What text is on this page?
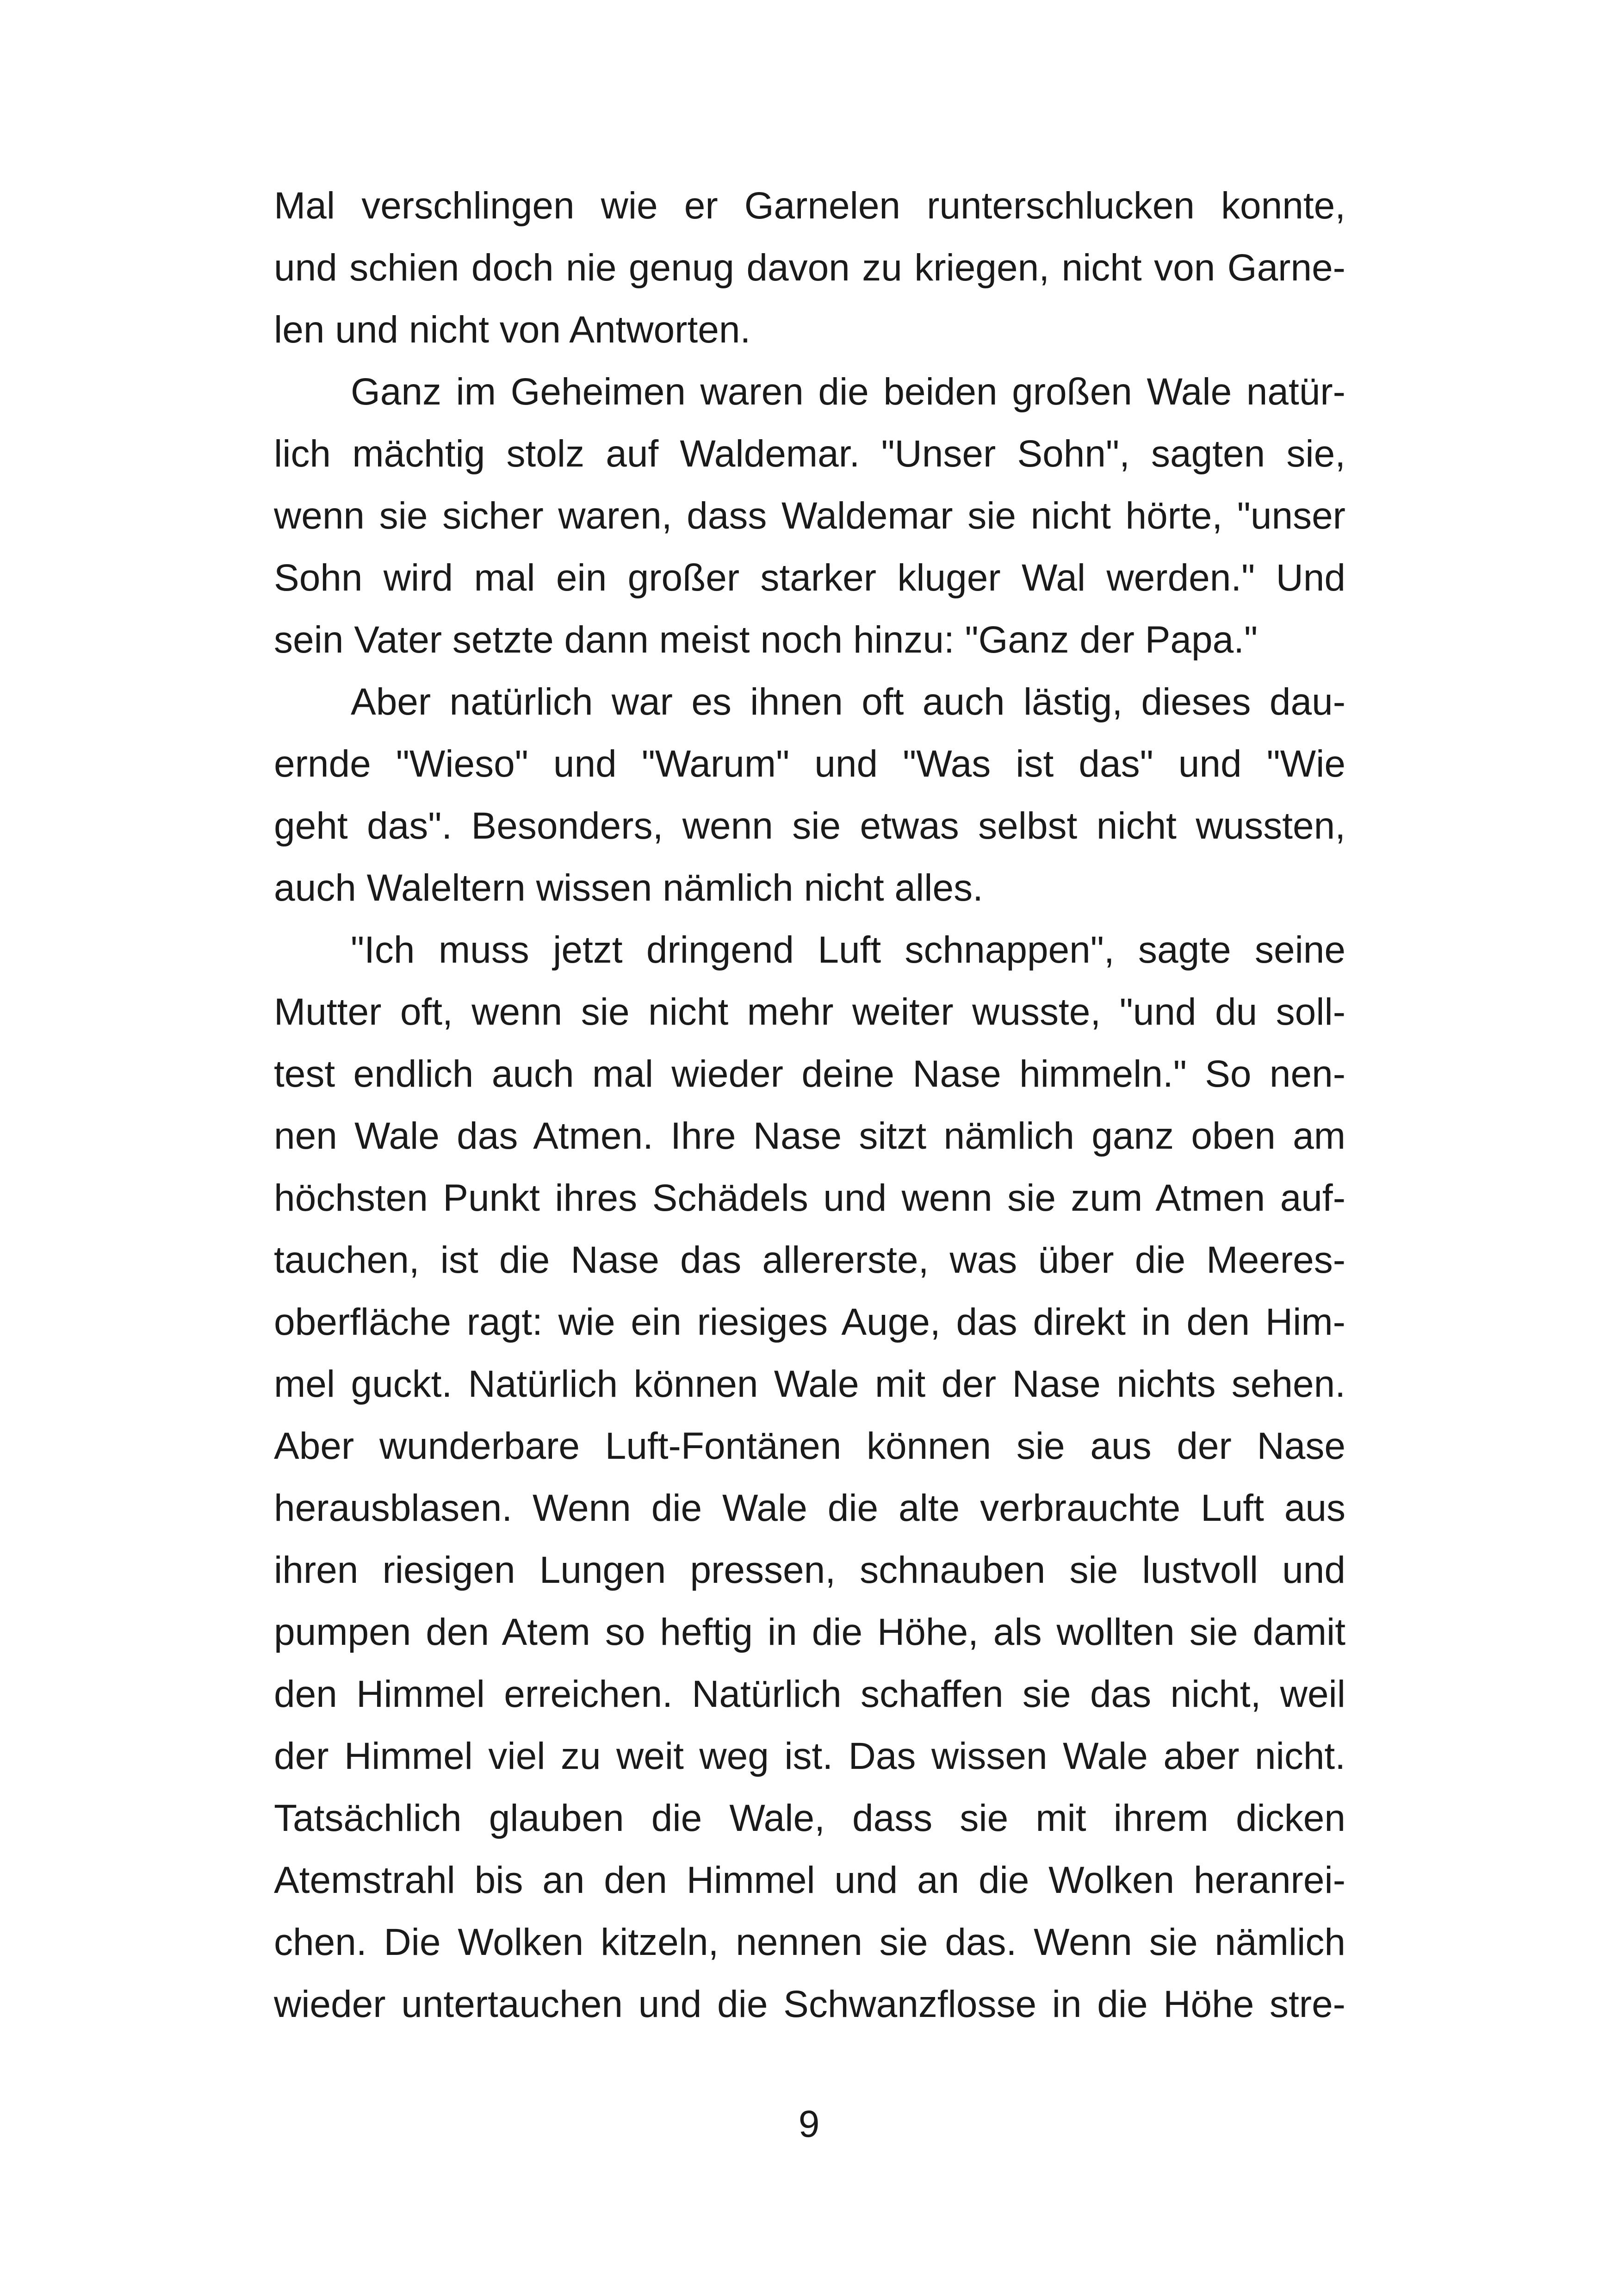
Mal verschlingen wie er Garnelen runterschlucken konnte,
und schien doch nie genug davon zu kriegen, nicht von Garne-
len und nicht von Antworten.
Ganz im Geheimen waren die beiden großen Wale natür-
lich mächtig stolz auf Waldemar. "Unser Sohn", sagten sie,
wenn sie sicher waren, dass Waldemar sie nicht hörte, "unser
Sohn wird mal ein großer starker kluger Wal werden." Und
sein Vater setzte dann meist noch hinzu: "Ganz der Papa."
Aber natürlich war es ihnen oft auch lästig, dieses dau-
ernde "Wieso" und "Warum" und "Was ist das" und "Wie
geht das". Besonders, wenn sie etwas selbst nicht wussten,
auch Waleltern wissen nämlich nicht alles.
"Ich muss jetzt dringend Luft schnappen", sagte seine
Mutter oft, wenn sie nicht mehr weiter wusste, "und du soll-
test endlich auch mal wieder deine Nase himmeln." So nen-
nen Wale das Atmen. Ihre Nase sitzt nämlich ganz oben am
höchsten Punkt ihres Schädels und wenn sie zum Atmen auf-
tauchen, ist die Nase das allererste, was über die Meeres-
oberfläche ragt: wie ein riesiges Auge, das direkt in den Him-
mel guckt. Natürlich können Wale mit der Nase nichts sehen.
Aber wunderbare Luft-Fontänen können sie aus der Nase
herausblasen. Wenn die Wale die alte verbrauchte Luft aus
ihren riesigen Lungen pressen, schnauben sie lustvoll und
pumpen den Atem so heftig in die Höhe, als wollten sie damit
den Himmel erreichen. Natürlich schaffen sie das nicht, weil
der Himmel viel zu weit weg ist. Das wissen Wale aber nicht.
Tatsächlich glauben die Wale, dass sie mit ihrem dicken
Atemstrahl bis an den Himmel und an die Wolken heranrei-
chen. Die Wolken kitzeln, nennen sie das. Wenn sie nämlich
wieder untertauchen und die Schwanzflosse in die Höhe stre-
9
